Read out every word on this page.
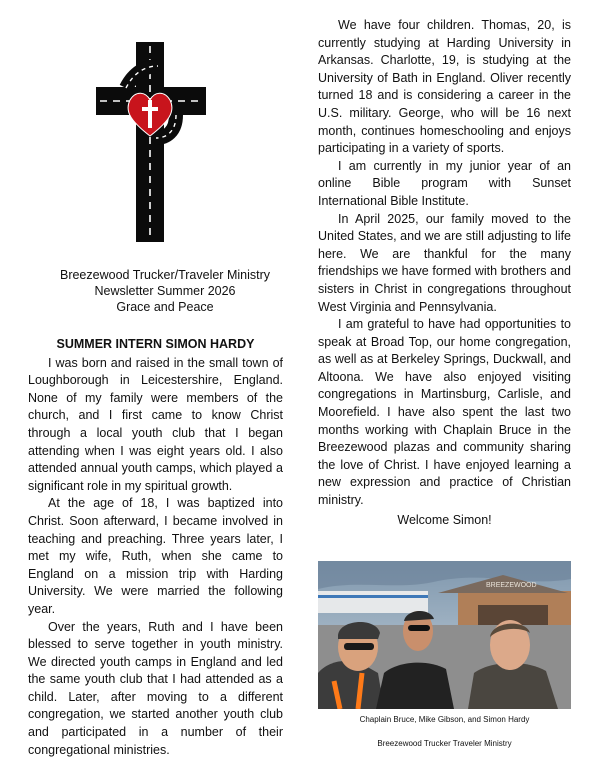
Breezewood Trucker/Traveler Ministry
Newsletter Summer 2026
Grace and Peace

SUMMER INTERN SIMON HARDY

I was born and raised in the small town of Loughborough in Leicestershire, England. None of my family were members of the church, and I first came to know Christ through a local youth club that I began attending when I was eight years old. I also attended annual youth camps, which played a significant role in my spiritual growth.

At the age of 18, I was baptized into Christ. Soon afterward, I became involved in teaching and preaching. Three years later, I met my wife, Ruth, when she came to England on a mission trip with Harding University. We were married the following year.

Over the years, Ruth and I have been blessed to serve together in youth ministry. We directed youth camps in England and led the same youth club that I had attended as a child. Later, after moving to a different congregation, we started another youth club and participated in a number of their congregational ministries.

We have four children. Thomas, 20, is currently studying at Harding University in Arkansas. Charlotte, 19, is studying at the University of Bath in England. Oliver recently turned 18 and is considering a career in the U.S. military. George, who will be 16 next month, continues homeschooling and enjoys participating in a variety of sports.

I am currently in my junior year of an online Bible program with Sunset International Bible Institute.

In April 2025, our family moved to the United States, and we are still adjusting to life here. We are thankful for the many friendships we have formed with brothers and sisters in Christ in congregations throughout West Virginia and Pennsylvania.

I am grateful to have had opportunities to speak at Broad Top, our home congregation, as well as at Berkeley Springs, Duckwall, and Altoona. We have also enjoyed visiting congregations in Martinsburg, Carlisle, and Moorefield. I have also spent the last two months working with Chaplain Bruce in the Breezewood plazas and community sharing the love of Christ. I have enjoyed learning a new expression and practice of Christian ministry.

Welcome Simon!

BREEZEWOOD
Chaplain Bruce, Mike Gibson, and Simon Hardy
Breezewood Trucker Traveler Ministry
